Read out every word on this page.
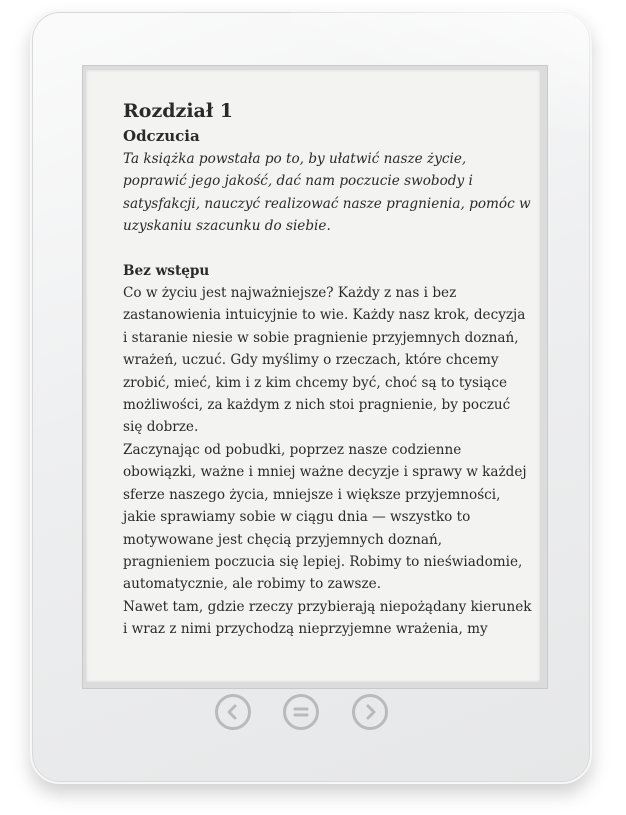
Rozdział 1
Odczucia
Ta książka powstała po to, by ułatwić nasze życie,
poprawić jego jakość, dać nam poczucie swobody i
satysfakcji, nauczyć realizować nasze pragnienia, pomóc w
uzyskaniu szacunku do siebie.
Bez wstępu
Co w życiu jest najważniejsze? Każdy z nas i bez
zastanowienia intuicyjnie to wie. Każdy nasz krok, decyzja
i staranie niesie w sobie pragnienie przyjemnych doznań,
wrażeń, uczuć. Gdy myślimy o rzeczach, które chcemy
zrobić, mieć, kim i z kim chcemy być, choć są to tysiące
możliwości, za każdym z nich stoi pragnienie, by poczuć
się dobrze.
Zaczynając od pobudki, poprzez nasze codzienne
obowiązki, ważne i mniej ważne decyzje i sprawy w każdej
sferze naszego życia, mniejsze i większe przyjemności,
jakie sprawiamy sobie w ciągu dnia — wszystko to
motywowane jest chęcią przyjemnych doznań,
pragnieniem poczucia się lepiej. Robimy to nieświadomie,
automatycznie, ale robimy to zawsze.
Nawet tam, gdzie rzeczy przybierają niepożądany kierunek
i wraz z nimi przychodzą nieprzyjemne wrażenia, my
